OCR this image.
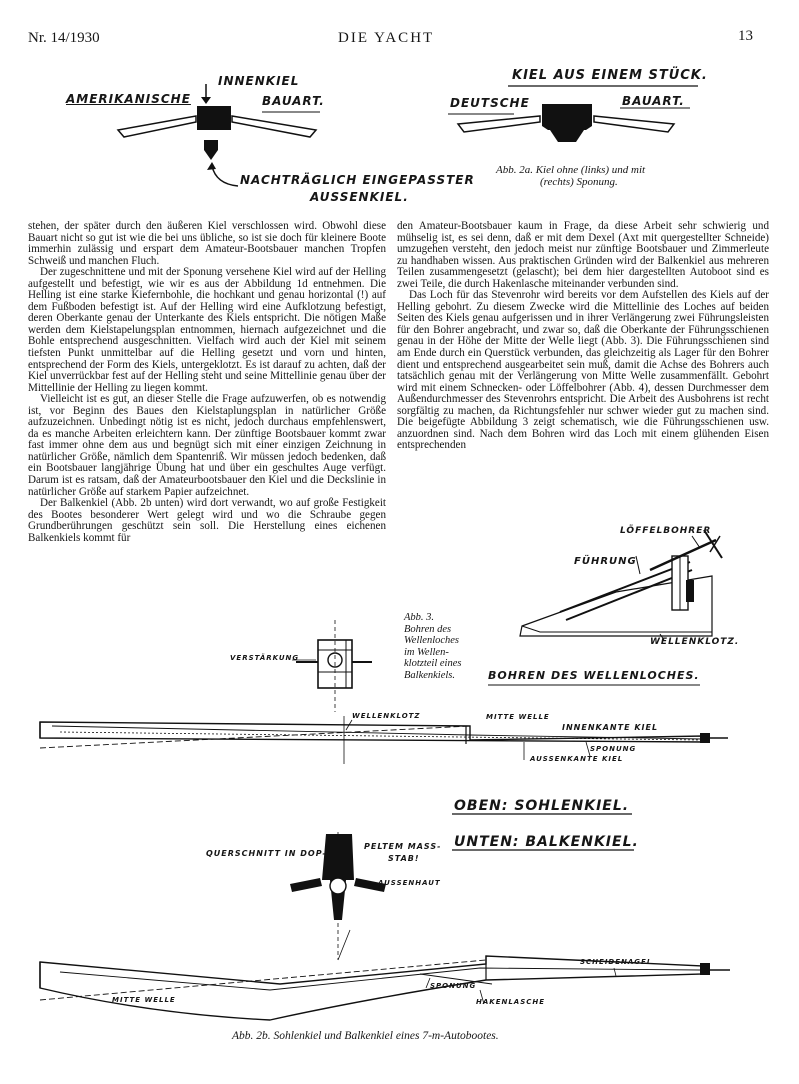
Nr. 14/1930	DIE YACHT	13
AMERIKANISCHE
INNENKIEL
BAUART.
NACHTRÄGLICH EINGEPASSTER
AUSSENKIEL.
KIEL AUS EINEM STÜCK.
DEUTSCHE	BAUART.
Abb. 2a. Kiel ohne (links) und mit
(rechts) Sponung.

stehen, der später durch den äußeren Kiel verschlossen wird. Obwohl diese Bauart nicht so gut ist wie die bei uns übliche, so ist sie doch für kleinere Boote immerhin zulässig und erspart dem Amateur-Bootsbauer manchen Tropfen Schweiß und manchen Fluch.

Der zugeschnittene und mit der Sponung versehene Kiel wird auf der Helling aufgestellt und befestigt, wie wir es aus der Abbildung 1d entnehmen. Die Helling ist eine starke Kiefernbohle, die hochkant und genau horizontal (!) auf dem Fußboden befestigt ist. Auf der Helling wird eine Aufklotzung befestigt, deren Oberkante genau der Unterkante des Kiels entspricht. Die nötigen Maße werden dem Kielstapelungsplan entnommen, hiernach aufgezeichnet und die Bohle entsprechend ausgeschnitten. Vielfach wird auch der Kiel mit seinem tiefsten Punkt unmittelbar auf die Helling gesetzt und vorn und hinten, entsprechend der Form des Kiels, untergeklotzt. Es ist darauf zu achten, daß der Kiel unverrückbar fest auf der Helling steht und seine Mittellinie genau über der Mittellinie der Helling zu liegen kommt.

Vielleicht ist es gut, an dieser Stelle die Frage aufzuwerfen, ob es notwendig ist, vor Beginn des Baues den Kielstaplungsplan in natürlicher Größe aufzuzeichnen. Unbedingt nötig ist es nicht, jedoch durchaus empfehlenswert, da es manche Arbeiten erleichtern kann. Der zünftige Bootsbauer kommt zwar fast immer ohne dem aus und begnügt sich mit einer einzigen Zeichnung in natürlicher Größe, nämlich dem Spantenriß. Wir müssen jedoch bedenken, daß ein Bootsbauer langjährige Übung hat und über ein geschultes Auge verfügt. Darum ist es ratsam, daß der Amateurbootsbauer den Kiel und die Deckslinie in natürlicher Größe auf starkem Papier aufzeichnet.

Der Balkenkiel (Abb. 2b unten) wird dort verwandt, wo auf große Festigkeit des Bootes besonderer Wert gelegt wird und wo die Schraube gegen Grundberührungen geschützt sein soll. Die Herstellung eines eichenen Balkenkiels kommt für

den Amateur-Bootsbauer kaum in Frage, da diese Arbeit sehr schwierig und mühselig ist, es sei denn, daß er mit dem Dexel (Axt mit quergestellter Schneide) umzugehen versteht, den jedoch meist nur zünftige Bootsbauer und Zimmerleute zu handhaben wissen. Aus praktischen Gründen wird der Balkenkiel aus mehreren Teilen zusammengesetzt (gelascht); bei dem hier dargestellten Autoboot sind es zwei Teile, die durch Hakenlasche miteinander verbunden sind.

Das Loch für das Stevenrohr wird bereits vor dem Aufstellen des Kiels auf der Helling gebohrt. Zu diesem Zwecke wird die Mittellinie des Loches auf beiden Seiten des Kiels genau aufgerissen und in ihrer Verlängerung zwei Führungsleisten für den Bohrer angebracht, und zwar so, daß die Oberkante der Führungsschienen genau in der Höhe der Mitte der Welle liegt (Abb. 3). Die Führungsschienen sind am Ende durch ein Querstück verbunden, das gleichzeitig als Lager für den Bohrer dient und entsprechend ausgearbeitet sein muß, damit die Achse des Bohrers auch tatsächlich genau mit der Verlängerung von Mitte Welle zusammenfällt. Gebohrt wird mit einem Schnecken- oder Löffelbohrer (Abb. 4), dessen Durchmesser dem Außendurchmesser des Stevenrohrs entspricht. Die Arbeit des Ausbohrens ist recht sorgfältig zu machen, da Richtungsfehler nur schwer wieder gut zu machen sind. Die beigefügte Abbildung 3 zeigt schematisch, wie die Führungsschienen usw. anzuordnen sind. Nach dem Bohren wird das Loch mit einem glühenden Eisen entsprechenden

LÖFFELBOHRER
FÜHRUNG
WELLENKLOTZ.
Abb. 3.
Bohren des
Wellenloches
im Wellen-
klotzteil eines
Balkenkiels.	BOHREN DES WELLENLOCHES.
VERSTÄRKUNG
WELLENKLOTZ	MITTE WELLE
INNENKANTE KIEL
SPONUNG
AUSSENKANTE KIEL
OBEN: SOHLENKIEL.
UNTEN: BALKENKIEL.
QUERSCHNITT IN DOP-
PELTEM MASS-
STAB!
AUSSENHAUT
SCHEIDENAGEL
SPONUNG
HAKENLASCHE
MITTE WELLE
Abb. 2b. Sohlenkiel und Balkenkiel eines 7-m-Autobootes.
